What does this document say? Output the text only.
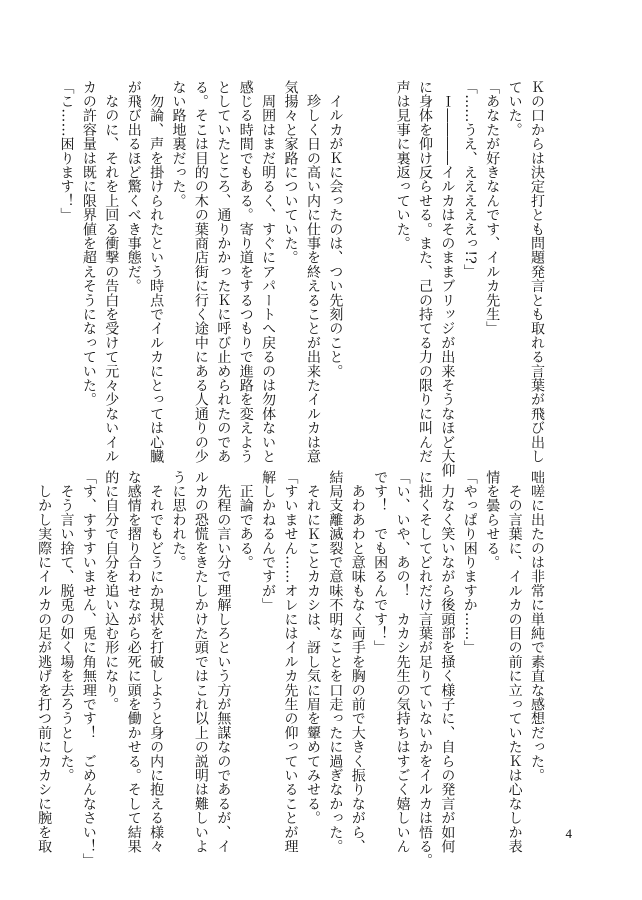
Ｋの口からは決定打とも問題発言とも取れる言葉が飛び出し

ていた。

「あなたが好きなんです、イルカ先生」

「……うえ、えええええっ!?」

　Ｉ――――イルカはそのままブリッジが出来そうなほど大仰

に身体を仰け反らせる。また、己の持てる力の限りに叫んだ

声は見事に裏返っていた。

　イルカがＫに会ったのは、つい先刻のこと。

　珍しく日の高い内に仕事を終えることが出来たイルカは意

気揚々と家路についていた。

　周囲はまだ明るく、すぐにアパートへ戻るのは勿体ないと

感じる時間でもある。寄り道をするつもりで進路を変えよう

としていたところ、通りかかったＫに呼び止められたのであ

る。そこは目的の木の葉商店街に行く途中にある人通りの少

ない路地裏だった。

　勿論、声を掛けられたという時点でイルカにとっては心臓

が飛び出るほど驚くべき事態だ。

　なのに、それを上回る衝撃の告白を受けて元々少ないイル

カの許容量は既に限界値を超えそうになっていた。

「こ……困ります！」

咄嗟に出たのは非常に単純で素直な感想だった。

　その言葉に、イルカの目の前に立っていたＫは心なしか表

情を曇らせる。

「やっぱり困りますか……」

　力なく笑いながら後頭部を掻く様子に、自らの発言が如何

に拙くそしてどれだけ言葉が足りていないかをイルカは悟る。

「い、いや、あの！　カカシ先生の気持ちはすごく嬉しいん

です！　でも困るんです！」

　あわあわと意味もなく両手を胸の前で大きく振りながら、

結局支離滅裂で意味不明なことを口走ったに過ぎなかった。

　それにＫことカカシは、訝し気に眉を顰めてみせる。

「すいません……オレにはイルカ先生の仰っていることが理

解しかねるんですが」

　正論である。

　先程の言い分で理解しろという方が無謀なのであるが、イ

ルカの恐慌をきたしかけた頭ではこれ以上の説明は難しいよ

うに思われた。

　それでもどうにか現状を打破しようと身の内に抱える様々

な感情を摺り合わせながら必死に頭を働かせる。そして結果

的に自分で自分を追い込む形になり。

「す、すすすいません、兎に角無理です！　ごめんなさい！」

　そう言い捨て、脱兎の如く場を去ろうとした。

　しかし実際にイルカの足が逃げを打つ前にカカシに腕を取	4
